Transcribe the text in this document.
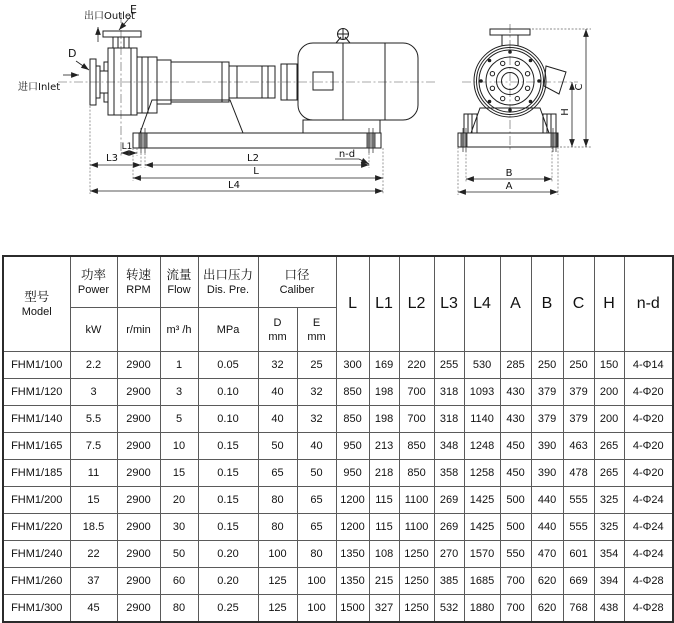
出口Outlet
E
D
进口Inlet
L1
L3	L2	n-d
L
L4
B
A
H
C
型号
Model

功率
Power

转速
RPM

流量
Flow

出口压力
Dis. Pre.

口径
Caliber
	L	L1	L2	L3	L4	A	B	C	H	n-d

kW	r/min	m³ /h	MPa

D
mm

E
mm

FHM1/100	2.2	2900	1	0.05	32	25	300	169	220	255	530	285	250	250	150	4-Φ14
FHM1/120	3	2900	3	0.10	40	32	850	198	700	318	1093	430	379	379	200	4-Φ20
FHM1/140	5.5	2900	5	0.10	40	32	850	198	700	318	1140	430	379	379	200	4-Φ20
FHM1/165	7.5	2900	10	0.15	50	40	950	213	850	348	1248	450	390	463	265	4-Φ20
FHM1/185	11	2900	15	0.15	65	50	950	218	850	358	1258	450	390	478	265	4-Φ20
FHM1/200	15	2900	20	0.15	80	65	1200	115	1100	269	1425	500	440	555	325	4-Φ24
FHM1/220	18.5	2900	30	0.15	80	65	1200	115	1100	269	1425	500	440	555	325	4-Φ24
FHM1/240	22	2900	50	0.20	100	80	1350	108	1250	270	1570	550	470	601	354	4-Φ24
FHM1/260	37	2900	60	0.20	125	100	1350	215	1250	385	1685	700	620	669	394	4-Φ28
FHM1/300	45	2900	80	0.25	125	100	1500	327	1250	532	1880	700	620	768	438	4-Φ28
